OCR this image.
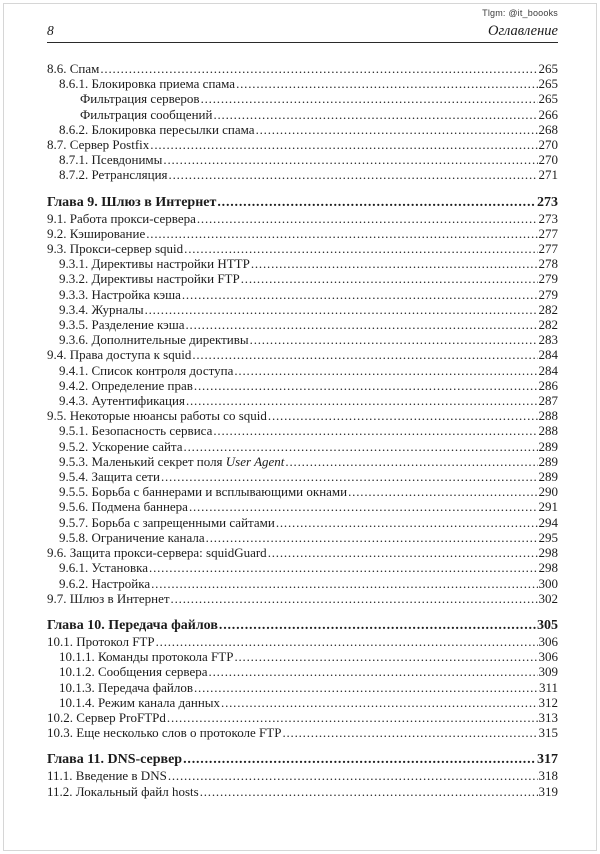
Tlgm: @it_boooks
8	Оглавление
8.6. Спам .....	265
8.6.1. Блокировка приема спама .....	265
Фильтрация серверов .....	265
Фильтрация сообщений .....	266
8.6.2. Блокировка пересылки спама .....	268
8.7. Сервер Postfix .....	270
8.7.1. Псевдонимы .....	270
8.7.2. Ретрансляция .....	271
Глава 9. Шлюз в Интернет .....	273
9.1. Работа прокси-сервера .....	273
9.2. Кэширование .....	277
9.3. Прокси-сервер squid .....	277
9.3.1. Директивы настройки HTTP .....	278
9.3.2. Директивы настройки FTP .....	279
9.3.3. Настройка кэша .....	279
9.3.4. Журналы .....	282
9.3.5. Разделение кэша .....	282
9.3.6. Дополнительные директивы .....	283
9.4. Права доступа к squid .....	284
9.4.1. Список контроля доступа .....	284
9.4.2. Определение прав .....	286
9.4.3. Аутентификация .....	287
9.5. Некоторые нюансы работы со squid .....	288
9.5.1. Безопасность сервиса .....	288
9.5.2. Ускорение сайта .....	289
9.5.3. Маленький секрет поля User Agent .....	289
9.5.4. Защита сети .....	289
9.5.5. Борьба с баннерами и всплывающими окнами .....	290
9.5.6. Подмена баннера .....	291
9.5.7. Борьба с запрещенными сайтами .....	294
9.5.8. Ограничение канала .....	295
9.6. Защита прокси-сервера: squidGuard .....	298
9.6.1. Установка .....	298
9.6.2. Настройка .....	300
9.7. Шлюз в Интернет .....	302
Глава 10. Передача файлов .....	305
10.1. Протокол FTP .....	306
10.1.1. Команды протокола FTP .....	306
10.1.2. Сообщения сервера .....	309
10.1.3. Передача файлов .....	311
10.1.4. Режим канала данных .....	312
10.2. Сервер ProFTPd .....	313
10.3. Еще несколько слов о протоколе FTP .....	315
Глава 11. DNS-сервер .....	317
11.1. Введение в DNS .....	318
11.2. Локальный файл hosts .....	319
